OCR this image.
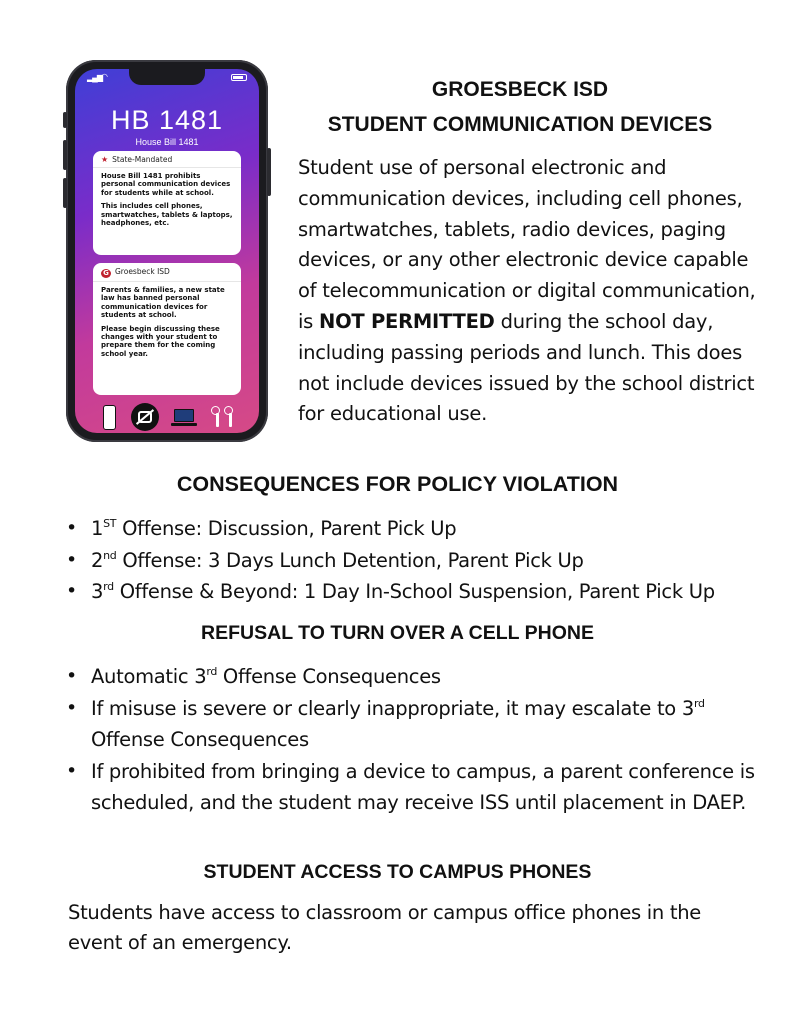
▂▄▆ ◠
HB 1481
House Bill 1481
★ State-Mandated

House Bill 1481 prohibits personal communication devices for students while at school.

This includes cell phones, smartwatches, tablets & laptops, headphones, etc.

G Groesbeck ISD

Parents & families, a new state law has banned personal communication devices for students at school.

Please begin discussing these changes with your student to prepare them for the coming school year.

GROESBECK ISD
STUDENT COMMUNICATION DEVICES

Student use of personal electronic and communication devices, including cell phones, smartwatches, tablets, radio devices, paging devices, or any other electronic device capable of telecommunication or digital communication, is NOT PERMITTED during the school day, including passing periods and lunch. This does not include devices issued by the school district for educational use.

CONSEQUENCES FOR POLICY VIOLATION
• 1ST Offense: Discussion, Parent Pick Up
• 2nd Offense: 3 Days Lunch Detention, Parent Pick Up
• 3rd Offense & Beyond: 1 Day In-School Suspension, Parent Pick Up
REFUSAL TO TURN OVER A CELL PHONE
• Automatic 3rd Offense Consequences
• If misuse is severe or clearly inappropriate, it may escalate to 3rd Offense Consequences
• If prohibited from bringing a device to campus, a parent conference is scheduled, and the student may receive ISS until placement in DAEP.
STUDENT ACCESS TO CAMPUS PHONES

Students have access to classroom or campus office phones in the event of an emergency.
